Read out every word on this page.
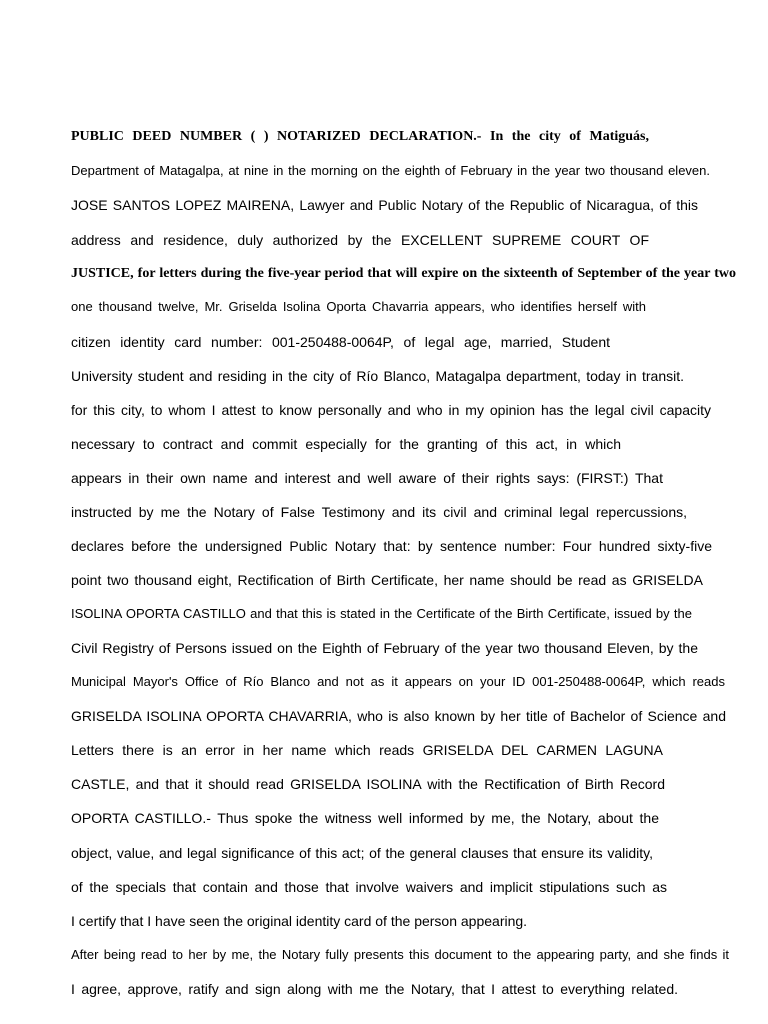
PUBLIC DEED NUMBER ( ) NOTARIZED DECLARATION.- In the city of Matiguás,
Department of Matagalpa, at nine in the morning on the eighth of February in the year two thousand eleven.
JOSE SANTOS LOPEZ MAIRENA, Lawyer and Public Notary of the Republic of Nicaragua, of this
address and residence, duly authorized by the EXCELLENT SUPREME COURT OF
JUSTICE, for letters during the five-year period that will expire on the sixteenth of September of the year two
one thousand twelve, Mr. Griselda Isolina Oporta Chavarria appears, who identifies herself with
citizen identity card number: 001-250488-0064P, of legal age, married, Student
University student and residing in the city of Río Blanco, Matagalpa department, today in transit.
for this city, to whom I attest to know personally and who in my opinion has the legal civil capacity
necessary to contract and commit especially for the granting of this act, in which
appears in their own name and interest and well aware of their rights says: (FIRST:) That
instructed by me the Notary of False Testimony and its civil and criminal legal repercussions,
declares before the undersigned Public Notary that: by sentence number: Four hundred sixty-five
point two thousand eight, Rectification of Birth Certificate, her name should be read as GRISELDA
ISOLINA OPORTA CASTILLO and that this is stated in the Certificate of the Birth Certificate, issued by the
Civil Registry of Persons issued on the Eighth of February of the year two thousand Eleven, by the
Municipal Mayor's Office of Río Blanco and not as it appears on your ID 001-250488-0064P, which reads
GRISELDA ISOLINA OPORTA CHAVARRIA, who is also known by her title of Bachelor of Science and
Letters there is an error in her name which reads GRISELDA DEL CARMEN LAGUNA
CASTLE, and that it should read GRISELDA ISOLINA with the Rectification of Birth Record
OPORTA CASTILLO.- Thus spoke the witness well informed by me, the Notary, about the
object, value, and legal significance of this act; of the general clauses that ensure its validity,
of the specials that contain and those that involve waivers and implicit stipulations such as
I certify that I have seen the original identity card of the person appearing.
After being read to her by me, the Notary fully presents this document to the appearing party, and she finds it
I agree, approve, ratify and sign along with me the Notary, that I attest to everything related.
